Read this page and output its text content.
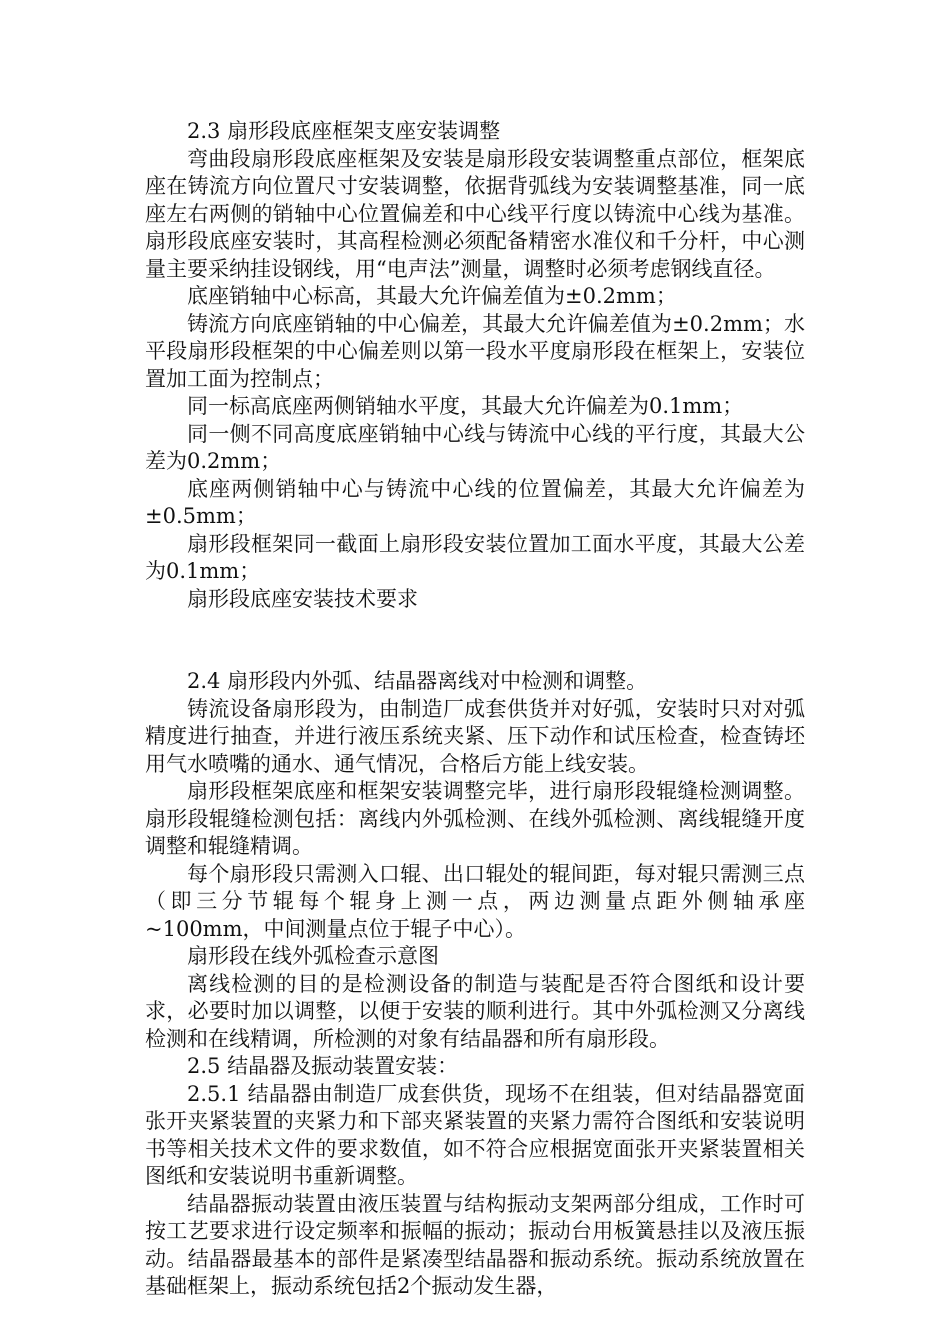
2.3 扇形段底座框架支座安装调整

弯曲段扇形段底座框架及安装是扇形段安装调整重点部位，框架底座在铸流方向位置尺寸安装调整，依据背弧线为安装调整基准，同一底座左右两侧的销轴中心位置偏差和中心线平行度以铸流中心线为基准。扇形段底座安装时，其高程检测必须配备精密水准仪和千分杆，中心测量主要采纳挂设钢线，用“电声法”测量，调整时必须考虑钢线直径。

底座销轴中心标高，其最大允许偏差值为±0.2mm；

铸流方向底座销轴的中心偏差，其最大允许偏差值为±0.2mm；水平段扇形段框架的中心偏差则以第一段水平度扇形段在框架上，安装位置加工面为控制点；

同一标高底座两侧销轴水平度，其最大允许偏差为0.1mm；

同一侧不同高度底座销轴中心线与铸流中心线的平行度，其最大公差为0.2mm；

底座两侧销轴中心与铸流中心线的位置偏差，其最大允许偏差为±0.5mm；

扇形段框架同一截面上扇形段安装位置加工面水平度，其最大公差为0.1mm；

扇形段底座安装技术要求

2.4 扇形段内外弧、结晶器离线对中检测和调整。

铸流设备扇形段为，由制造厂成套供货并对好弧，安装时只对对弧精度进行抽查，并进行液压系统夹紧、压下动作和试压检查，检查铸坯用气水喷嘴的通水、通气情况，合格后方能上线安装。

扇形段框架底座和框架安装调整完毕，进行扇形段辊缝检测调整。扇形段辊缝检测包括：离线内外弧检测、在线外弧检测、离线辊缝开度调整和辊缝精调。

每个扇形段只需测入口辊、出口辊处的辊间距，每对辊只需测三点（即三分节辊每个辊身上测一点，两边测量点距外侧轴承座~100mm，中间测量点位于辊子中心）。

扇形段在线外弧检查示意图

离线检测的目的是检测设备的制造与装配是否符合图纸和设计要求，必要时加以调整，以便于安装的顺利进行。其中外弧检测又分离线检测和在线精调，所检测的对象有结晶器和所有扇形段。

2.5 结晶器及振动装置安装：

2.5.1 结晶器由制造厂成套供货，现场不在组装，但对结晶器宽面张开夹紧装置的夹紧力和下部夹紧装置的夹紧力需符合图纸和安装说明书等相关技术文件的要求数值，如不符合应根据宽面张开夹紧装置相关图纸和安装说明书重新调整。

结晶器振动装置由液压装置与结构振动支架两部分组成，工作时可按工艺要求进行设定频率和振幅的振动；振动台用板簧悬挂以及液压振动。结晶器最基本的部件是紧凑型结晶器和振动系统。振动系统放置在基础框架上，振动系统包括2个振动发生器，
